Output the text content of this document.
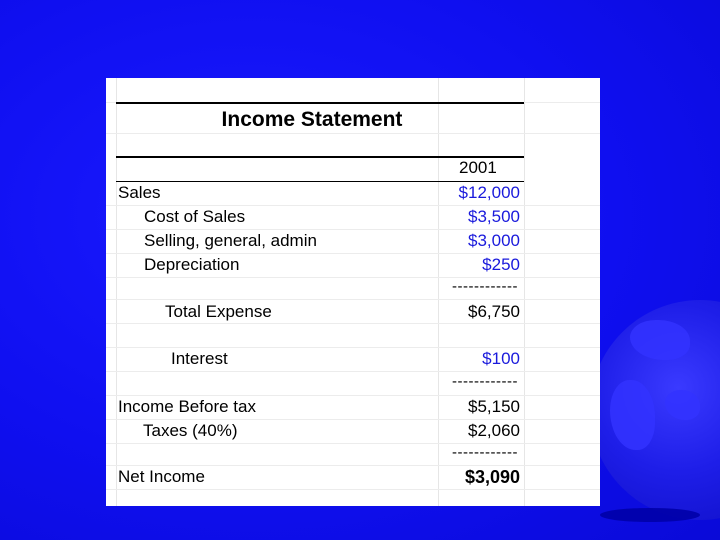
Income Statement
2001
Sales	$12,000
Cost of Sales	$3,500
Selling, general, admin	$3,000
Depreciation	$250
------------
Total Expense	$6,750
Interest	$100
------------
Income Before tax	$5,150
Taxes (40%)	$2,060
------------
Net Income	$3,090
